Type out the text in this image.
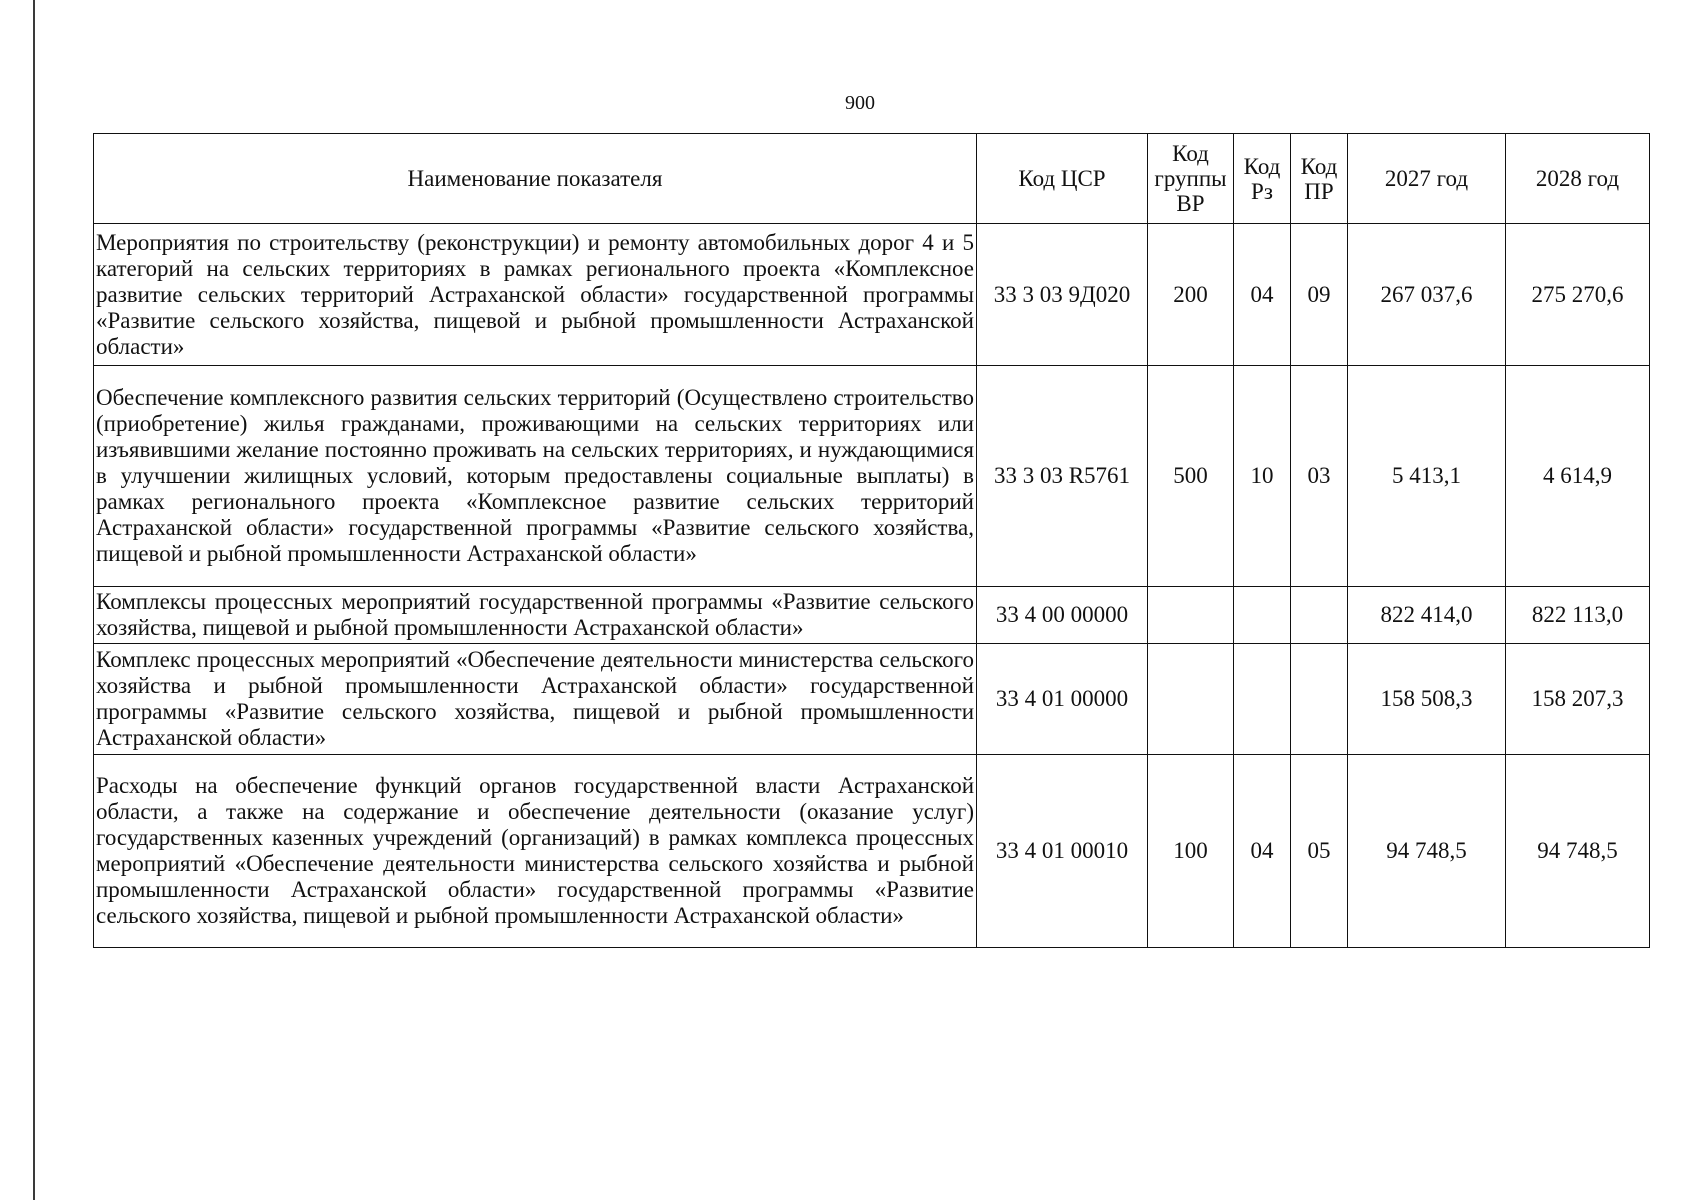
900
Наименование показателя	Код ЦСР	Код группы ВР	Код Рз	Код ПР	2027 год	2028 год
Мероприятия по строительству (реконструкции) и ремонту автомобильных дорог 4 и 5 категорий на сельских территориях в рамках регионального проекта «Комплексное развитие сельских территорий Астраханской области» государственной программы «Развитие сельского хозяйства, пищевой и рыбной промышленности Астраханской области»	33 3 03 9Д020	200	04	09	267 037,6	275 270,6
Обеспечение комплексного развития сельских территорий (Осуществлено строительство (приобретение) жилья гражданами, проживающими на сельских территориях или изъявившими желание постоянно проживать на сельских территориях, и нуждающимися в улучшении жилищных условий, которым предоставлены социальные выплаты) в рамках регионального проекта «Комплексное развитие сельских территорий Астраханской области» государственной программы «Развитие сельского хозяйства, пищевой и рыбной промышленности Астраханской области»	33 3 03 R5761	500	10	03	5 413,1	4 614,9
Комплексы процессных мероприятий государственной программы «Развитие сельского хозяйства, пищевой и рыбной промышленности Астраханской области»	33 4 00 00000				822 414,0	822 113,0
Комплекс процессных мероприятий «Обеспечение деятельности министерства сельского хозяйства и рыбной промышленности Астраханской области» государственной программы «Развитие сельского хозяйства, пищевой и рыбной промышленности Астраханской области»	33 4 01 00000				158 508,3	158 207,3
Расходы на обеспечение функций органов государственной власти Астраханской области, а также на содержание и обеспечение деятельности (оказание услуг) государственных казенных учреждений (организаций) в рамках комплекса процессных мероприятий «Обеспечение деятельности министерства сельского хозяйства и рыбной промышленности Астраханской области» государственной программы «Развитие сельского хозяйства, пищевой и рыбной промышленности Астраханской области»	33 4 01 00010	100	04	05	94 748,5	94 748,5
